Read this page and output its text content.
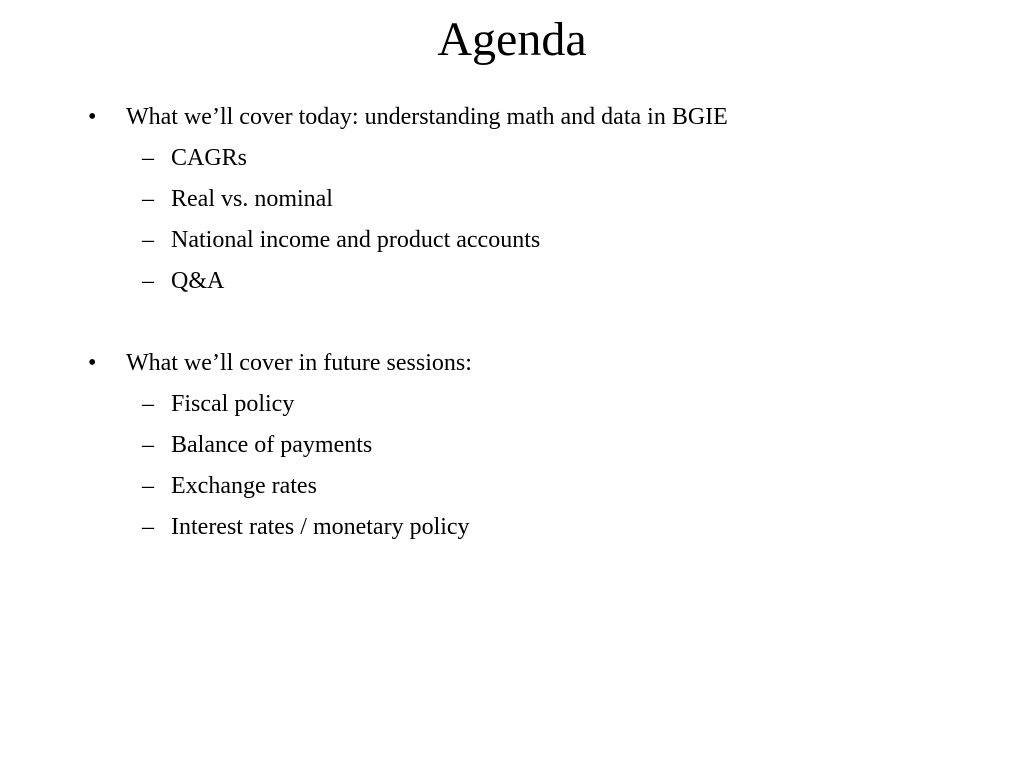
Agenda
• What we’ll cover today: understanding math and data in BGIE
– CAGRs
– Real vs. nominal
– National income and product accounts
– Q&A
• What we’ll cover in future sessions:
– Fiscal policy
– Balance of payments
– Exchange rates
– Interest rates / monetary policy
